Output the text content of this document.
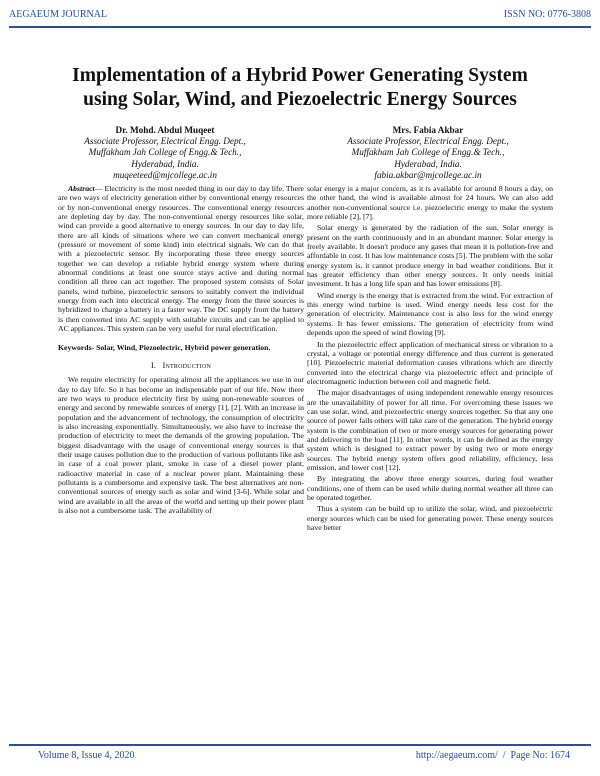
AEGAEUM JOURNAL	ISSN NO: 0776-3808
Implementation of a Hybrid Power Generating System
using Solar, Wind, and Piezoelectric Energy Sources
Dr. Mohd. Abdul Muqeet
Associate Professor, Electrical Engg. Dept.,
Muffakham Jah College of Engg.& Tech.,
Hyderabad, India.
muqeeteed@mjcollege.ac.in
Mrs. Fabia Akbar
Associate Professor, Electrical Engg. Dept.,
Muffakham Jah College of Engg.& Tech.,
Hyderabad, India.
fabia.akbar@mjcollege.ac.in

Abstract— Electricity is the most needed thing in our day to day life. There are two ways of electricity generation either by conventional energy resources or by non-conventional energy resources. The conventional energy resources are depleting day by day. The non-conventional energy resources like solar, wind can provide a good alternative to energy sources. In our day to day life, there are all kinds of situations where we can convert mechanical energy (pressure or movement of some kind) into electrical signals. We can do that with a piezoelectric sensor. By incorporating these three energy sources together we can develop a reliable hybrid energy system where during abnormal conditions at least one source stays active and during normal condition all three can act together. The proposed system consists of Solar panels, wind turbine, piezoelectric sensors to suitably convert the individual energy from each into electrical energy. The energy from the three sources is hybridized to charge a battery in a faster way. The DC supply from the battery is then converted into AC supply with suitable circuits and can be applied to AC appliances. This system can be very useful for rural electrification.

Keywords- Solar, Wind, Piezoelectric, Hybrid power generation.

I. Introduction

We require electricity for operating almost all the appliances we use in our day to day life. So it has become an indispensable part of our life. Now there are two ways to produce electricity first by using non-renewable sources of energy and second by renewable sources of energy [1], [2]. With an increase in population and the advancement of technology, the consumption of electricity is also increasing exponentially. Simultaneously, we also have to increase the production of electricity to meet the demands of the growing population. The biggest disadvantage with the usage of conventional energy sources is that their usage causes pollution due to the production of various pollutants like ash in case of a coal power plant, smoke in case of a diesel power plant, radioactive material in case of a nuclear power plant. Maintaining these pollutants is a cumbersome and expensive task. The best alternatives are non-conventional sources of energy such as solar and wind [3-6]. While solar and wind are available in all the areas of the world and setting up their power plant is also not a cumbersome task. The availability of

solar energy is a major concern, as it is available for around 8 hours a day, on the other hand, the wind is available almost for 24 hours. We can also add another non-conventional source i.e. piezoelectric energy to make the system more reliable [2], [7].

Solar energy is generated by the radiation of the sun. Solar energy is present on the earth continuously and in an abundant manner. Solar energy is freely available. It doesn't produce any gases that mean it is pollution-free and affordable in cost. It has low maintenance costs [5]. The problem with the solar energy system is, it cannot produce energy in bad weather conditions. But it has greater efficiency than other energy sources. It only needs initial investment. It has a long life span and has lower emissions [8].

Wind energy is the energy that is extracted from the wind. For extraction of this energy wind turbine is used. Wind energy needs less cost for the generation of electricity. Maintenance cost is also less for the wind energy systems. It has fewer emissions. The generation of electricity from wind depends upon the speed of wind flowing [9].

In the piezoelectric effect application of mechanical stress or vibration to a crystal, a voltage or potential energy difference and thus current is generated [10]. Piezoelectric material deformation causes vibrations which are directly converted into the electrical charge via piezoelectric effect and principle of electromagnetic induction between coil and magnetic field.

The major disadvantages of using independent renewable energy resources are the unavailability of power for all time. For overcoming these issues we can use solar, wind, and piezoelectric energy sources together. So that any one source of power fails others will take care of the generation. The hybrid energy system is the combination of two or more energy sources for generating power and delivering to the load [11]. In other words, it can be defined as the energy system which is designed to extract power by using two or more energy sources. The hybrid energy system offers good reliability, efficiency, less emission, and lower cost [12].

By integrating the above three energy sources, during foul weather conditions, one of them can be used while during normal weather all three can be operated together.

Thus a system can be build up to utilize the solar, wind, and piezoelectric energy sources which can be used for generating power. These energy sources have better

Volume 8, Issue 4, 2020	http://aegaeum.com/ / Page No: 1674
